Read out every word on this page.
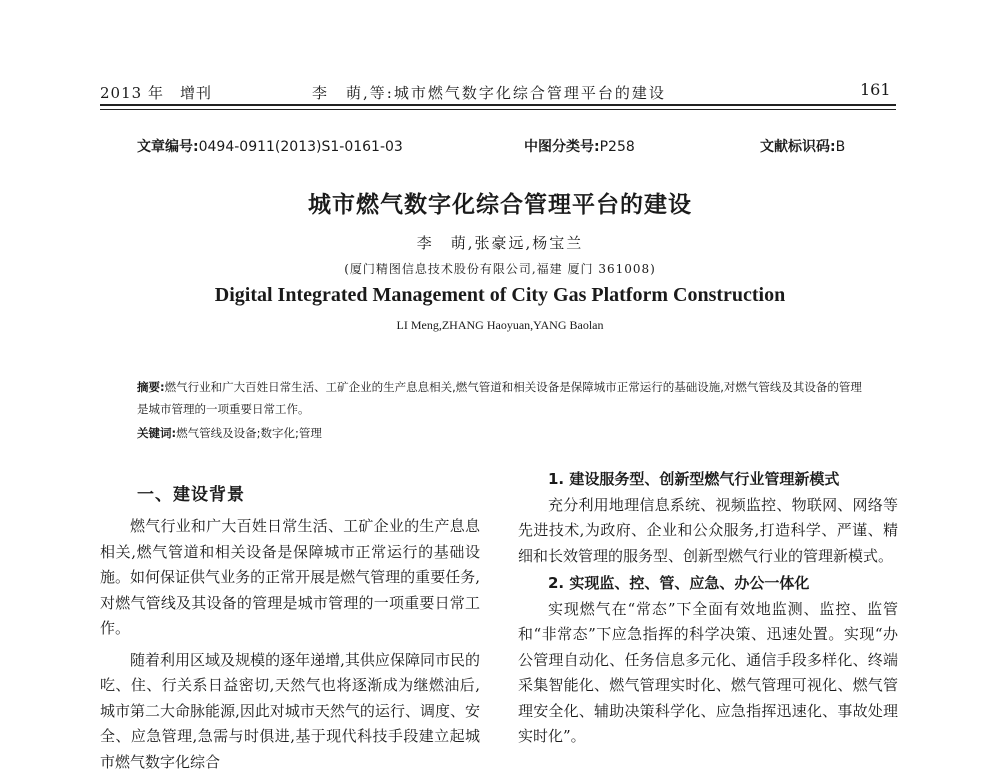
2013 年　增刊	李　萌,等:城市燃气数字化综合管理平台的建设	161
文章编号:0494-0911(2013)S1-0161-03	中图分类号:P258	文献标识码:B
城市燃气数字化综合管理平台的建设
李　萌,张豪远,杨宝兰
(厦门精图信息技术股份有限公司,福建 厦门 361008)
Digital Integrated Management of City Gas Platform Construction
LI Meng,ZHANG Haoyuan,YANG Baolan
摘要:燃气行业和广大百姓日常生活、工矿企业的生产息息相关,燃气管道和相关设备是保障城市正常运行的基础设施,对燃气管线及其设备的管理是城市管理的一项重要日常工作。
关键词:燃气管线及设备;数字化;管理
一、建设背景

燃气行业和广大百姓日常生活、工矿企业的生产息息相关,燃气管道和相关设备是保障城市正常运行的基础设施。如何保证供气业务的正常开展是燃气管理的重要任务,对燃气管线及其设备的管理是城市管理的一项重要日常工作。

随着利用区域及规模的逐年递增,其供应保障同市民的吃、住、行关系日益密切,天然气也将逐渐成为继燃油后,城市第二大命脉能源,因此对城市天然气的运行、调度、安全、应急管理,急需与时俱进,基于现代科技手段建立起城市燃气数字化综合

1. 建设服务型、创新型燃气行业管理新模式

充分利用地理信息系统、视频监控、物联网、网络等先进技术,为政府、企业和公众服务,打造科学、严谨、精细和长效管理的服务型、创新型燃气行业的管理新模式。

2. 实现监、控、管、应急、办公一体化

实现燃气在“常态”下全面有效地监测、监控、监管和“非常态”下应急指挥的科学决策、迅速处置。实现“办公管理自动化、任务信息多元化、通信手段多样化、终端采集智能化、燃气管理实时化、燃气管理可视化、燃气管理安全化、辅助决策科学化、应急指挥迅速化、事故处理实时化”。
